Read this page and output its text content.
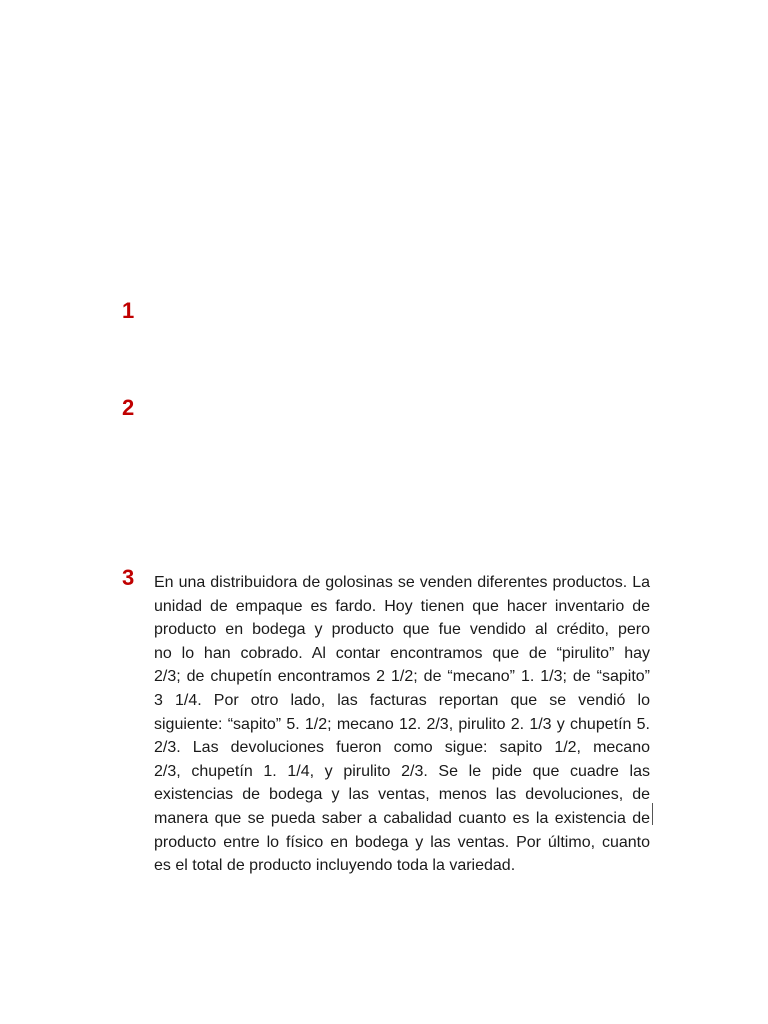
1
2
3 En una distribuidora de golosinas se venden diferentes productos. La
unidad de empaque es fardo. Hoy tienen que hacer inventario de
producto en bodega y producto que fue vendido al crédito, pero
no lo han cobrado. Al contar encontramos que de “pirulito” hay
2/3; de chupetín encontramos 2 1/2; de “mecano” 1. 1/3; de “sapito”
3 1/4. Por otro lado, las facturas reportan que se vendió lo
siguiente: “sapito” 5. 1/2; mecano 12. 2/3, pirulito 2. 1/3 y chupetín 5.
2/3. Las devoluciones fueron como sigue: sapito 1/2, mecano
2/3, chupetín 1. 1/4, y pirulito 2/3. Se le pide que cuadre las
existencias de bodega y las ventas, menos las devoluciones, de
manera que se pueda saber a cabalidad cuanto es la existencia de
producto entre lo físico en bodega y las ventas. Por último, cuanto
es el total de producto incluyendo toda la variedad.
